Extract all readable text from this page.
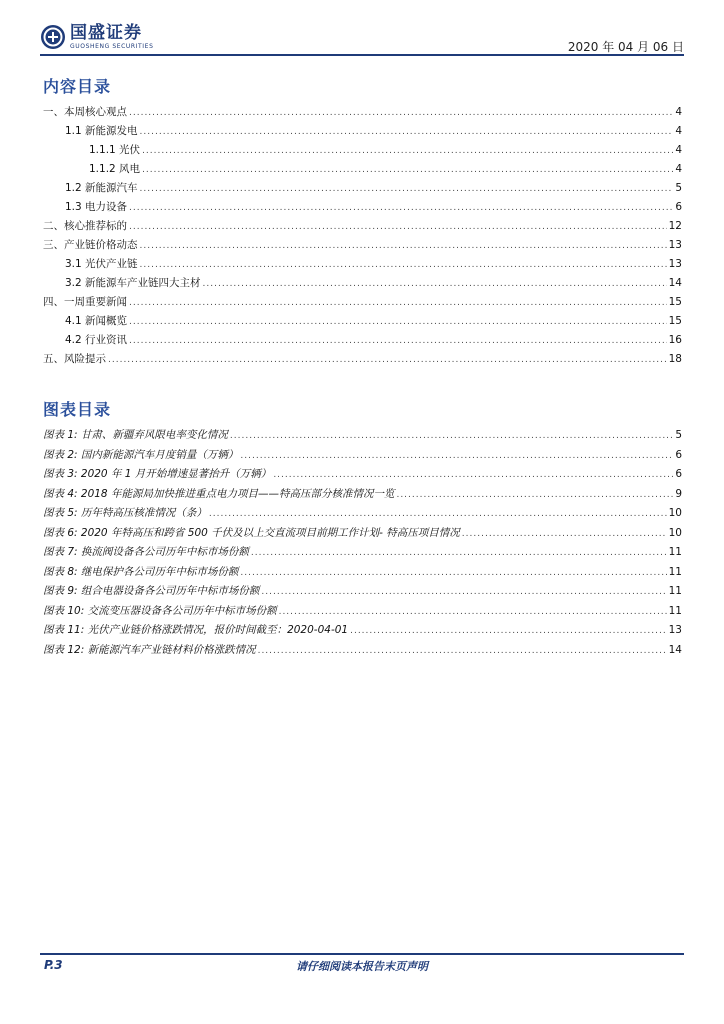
国盛证券
GUOSHENG SECURITIES	2020 年 04 月 06 日
内容目录
一、本周核心观点 .....	4
1.1 新能源发电 .....	4
1.1.1 光伏 .....	4
1.1.2 风电 .....	4
1.2 新能源汽车 .....	5
1.3 电力设备 .....	6
二、核心推荐标的 .....	12
三、产业链价格动态 .....	13
3.1 光伏产业链 .....	13
3.2 新能源车产业链四大主材 .....	14
四、一周重要新闻 .....	15
4.1 新闻概览 .....	15
4.2 行业资讯 .....	16
五、风险提示 .....	18
图表目录
图表 1: 甘肃、新疆弃风限电率变化情况 .....	5
图表 2: 国内新能源汽车月度销量（万辆） .....	6
图表 3: 2020 年 1 月开始增速显著抬升（万辆） .....	6
图表 4: 2018 年能源局加快推进重点电力项目——特高压部分核准情况一览 .....	9
图表 5: 历年特高压核准情况（条） .....	10
图表 6: 2020 年特高压和跨省 500 千伏及以上交直流项目前期工作计划- 特高压项目情况 .....	10
图表 7: 换流阀设备各公司历年中标市场份额 .....	11
图表 8: 继电保护各公司历年中标市场份额 .....	11
图表 9: 组合电器设备各公司历年中标市场份额 .....	11
图表 10: 交流变压器设备各公司历年中标市场份额 .....	11
图表 11: 光伏产业链价格涨跌情况，报价时间截至：2020-04-01 .....	13
图表 12: 新能源汽车产业链材料价格涨跌情况 .....	14
P.3	请仔细阅读本报告末页声明
